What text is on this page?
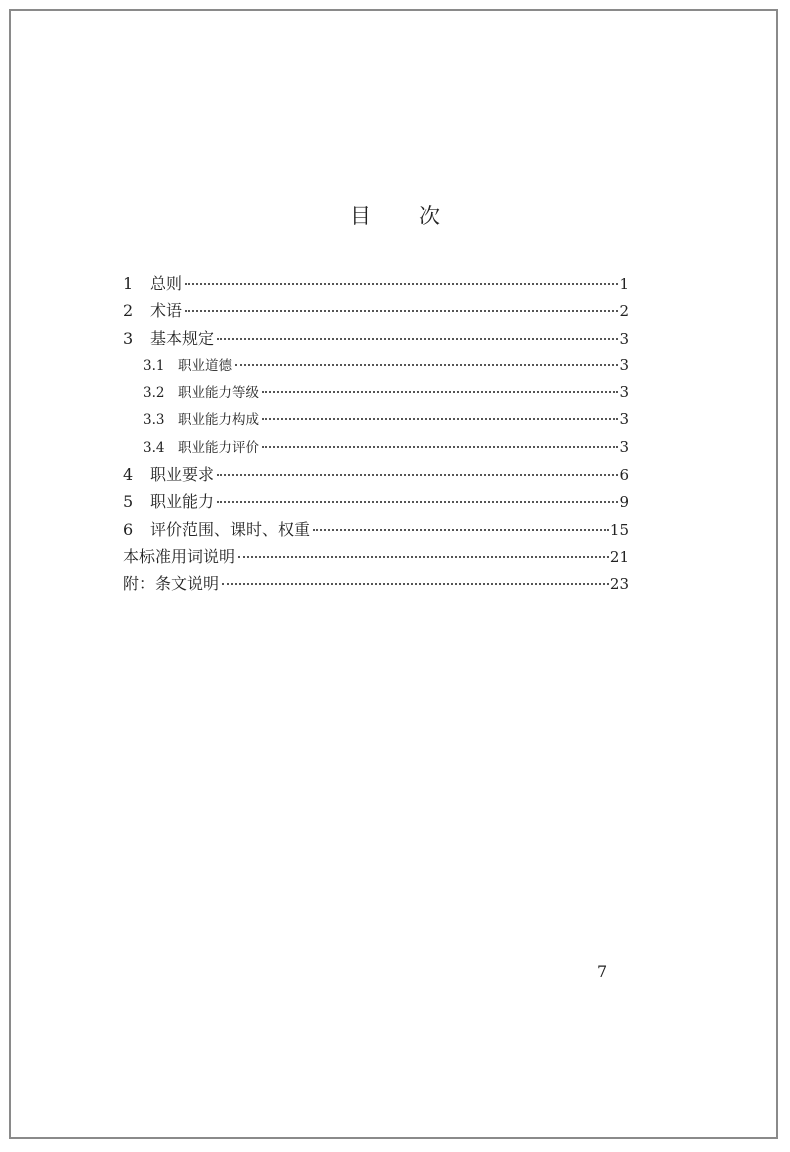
目 次
1	总则	1
2	术语	2
3	基本规定	3
3.1	职业道德	3
3.2	职业能力等级	3
3.3	职业能力构成	3
3.4	职业能力评价	3
4	职业要求	6
5	职业能力	9
6	评价范围、课时、权重	15
本标准用词说明	21
附：条文说明	23
7
